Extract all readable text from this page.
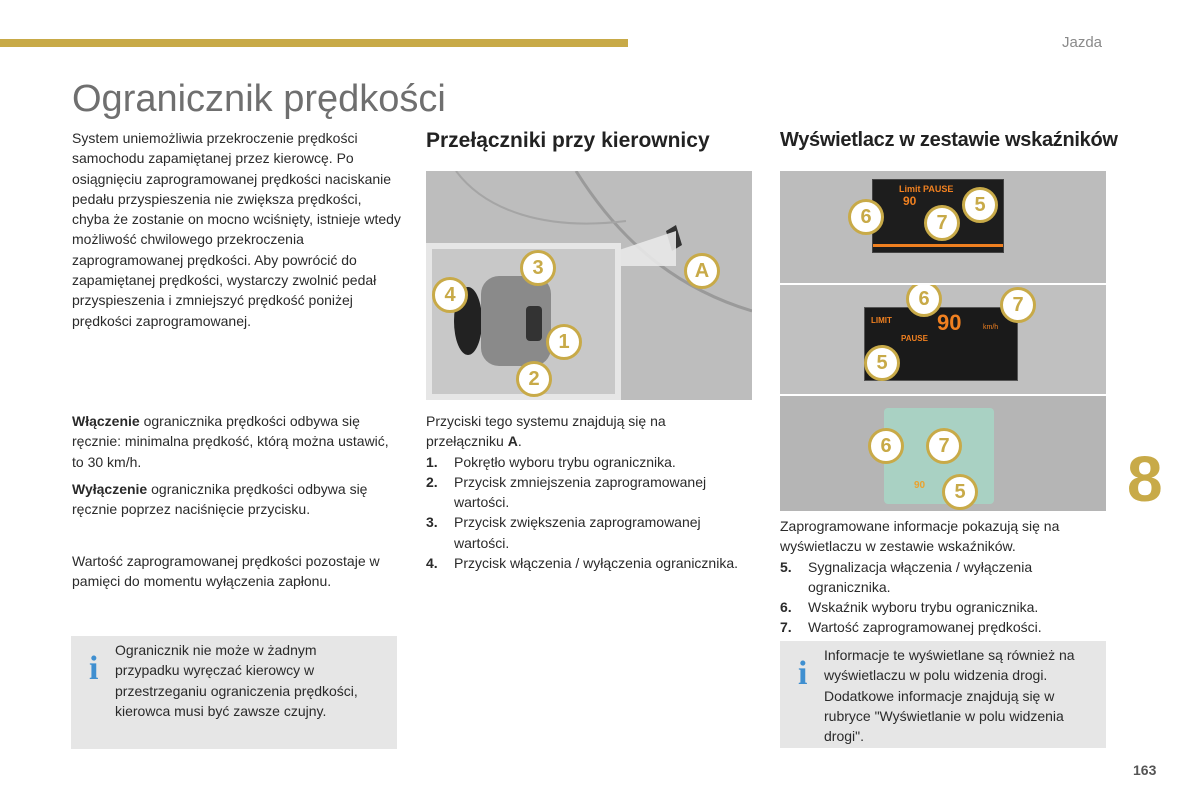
Jazda
Ogranicznik prędkości

System uniemożliwia przekroczenie prędkości samochodu zapamiętanej przez kierowcę. Po osiągnięciu zaprogramowanej prędkości naciskanie pedału przyspieszenia nie zwiększa prędkości, chyba że zostanie on mocno wciśnięty, istnieje wtedy możliwość chwilowego przekroczenia zaprogramowanej prędkości. Aby powrócić do zapamiętanej prędkości, wystarczy zwolnić pedał przyspieszenia i zmniejszyć prędkość poniżej prędkości zaprogramowanej.

Włączenie ogranicznika prędkości odbywa się ręcznie: minimalna prędkość, którą można ustawić, to 30 km/h.

Wyłączenie ogranicznika prędkości odbywa się ręcznie poprzez naciśnięcie przycisku.

Wartość zaprogramowanej prędkości pozostaje w pamięci do momentu wyłączenia zapłonu.

i Ogranicznik nie może w żadnym przypadku wyręczać kierowcy w przestrzeganiu ograniczenia prędkości, kierowca musi być zawsze czujny.
Przełączniki przy kierownicy
A
3
4
1
2

Przyciski tego systemu znajdują się na przełączniku A.

1. Pokrętło wyboru trybu ogranicznika.
2. Przycisk zmniejszenia zaprogramowanej wartości.
3. Przycisk zwiększenia zaprogramowanej wartości.
4. Przycisk włączenia / wyłączenia ogranicznika.
Wyświetlacz w zestawie wskaźników
Limit PAUSE
90
6	7
5
LIMIT 90	km/h
PAUSE
6	7
5
90
6	7
5

Zaprogramowane informacje pokazują się na wyświetlaczu w zestawie wskaźników.

5. Sygnalizacja włączenia / wyłączenia ogranicznika.
6. Wskaźnik wyboru trybu ogranicznika.
7. Wartość zaprogramowanej prędkości.
i Informacje te wyświetlane są również na wyświetlaczu w polu widzenia drogi. Dodatkowe informacje znajdują się w rubryce "Wyświetlanie w polu widzenia drogi".
8
163
